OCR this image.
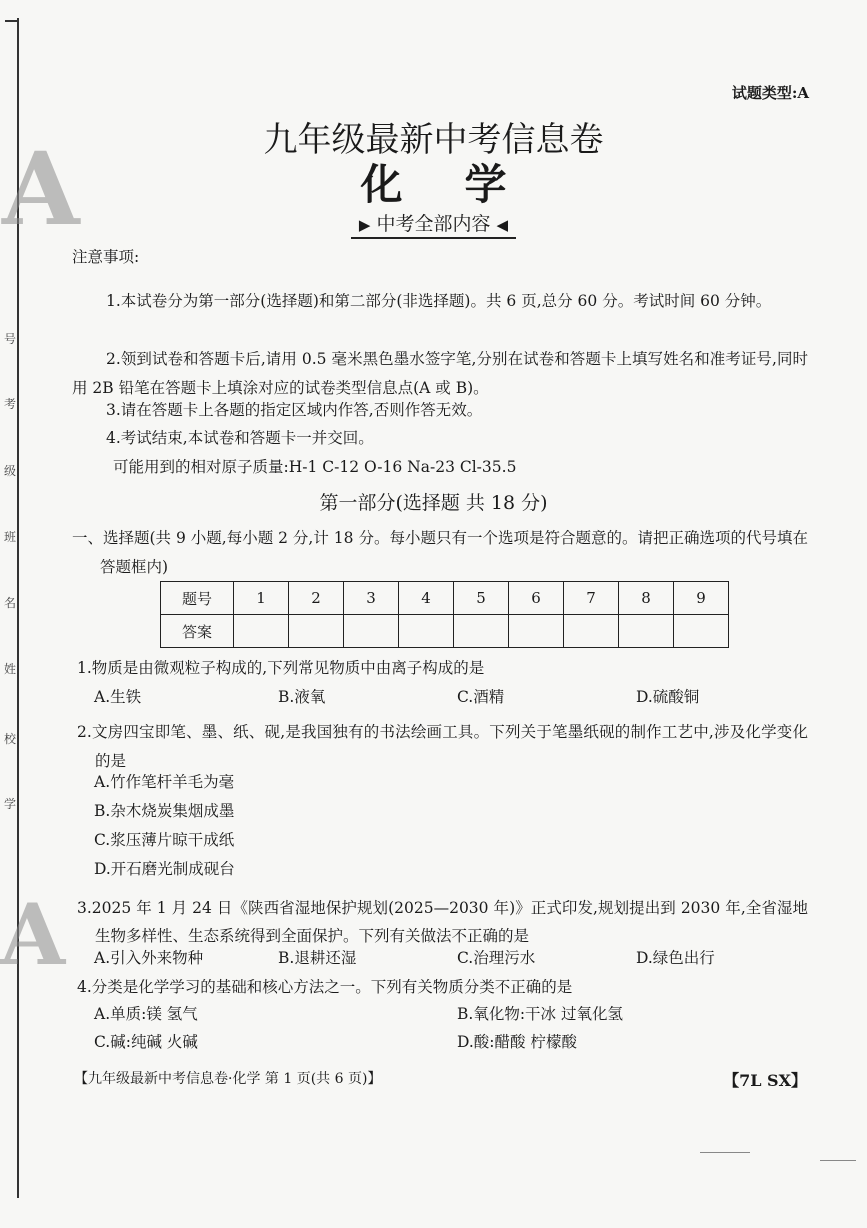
号
考
级
班
名
姓
校
学
A
A
试题类型:A
九年级最新中考信息卷
化学
▶ 中考全部内容 ◀
注意事项:
1.本试卷分为第一部分(选择题)和第二部分(非选择题)。共 6 页,总分 60 分。考试时间 60 分钟。
2.领到试卷和答题卡后,请用 0.5 毫米黑色墨水签字笔,分别在试卷和答题卡上填写姓名和准考证号,同时用 2B 铅笔在答题卡上填涂对应的试卷类型信息点(A 或 B)。
3.请在答题卡上各题的指定区域内作答,否则作答无效。
4.考试结束,本试卷和答题卡一并交回。
可能用到的相对原子质量:H-1 C-12 O-16 Na-23 Cl-35.5
第一部分(选择题 共 18 分)
一、选择题(共 9 小题,每小题 2 分,计 18 分。每小题只有一个选项是符合题意的。请把正确选项的代号填在答题框内)
题号	1	2	3	4	5	6	7	8	9
答案									
1.物质是由微观粒子构成的,下列常见物质中由离子构成的是
A.生铁	B.液氧	C.酒精	D.硫酸铜
2.文房四宝即笔、墨、纸、砚,是我国独有的书法绘画工具。下列关于笔墨纸砚的制作工艺中,涉及化学变化的是
A.竹作笔杆羊毛为毫
B.杂木烧炭集烟成墨
C.浆压薄片晾干成纸
D.开石磨光制成砚台
3.2025 年 1 月 24 日《陕西省湿地保护规划(2025—2030 年)》正式印发,规划提出到 2030 年,全省湿地生物多样性、生态系统得到全面保护。下列有关做法不正确的是
A.引入外来物种	B.退耕还湿	C.治理污水	D.绿色出行
4.分类是化学学习的基础和核心方法之一。下列有关物质分类不正确的是
A.单质:镁 氢气	B.氧化物:干冰 过氧化氢
C.碱:纯碱 火碱	D.酸:醋酸 柠檬酸
【九年级最新中考信息卷·化学 第 1 页(共 6 页)】	【7L SX】
